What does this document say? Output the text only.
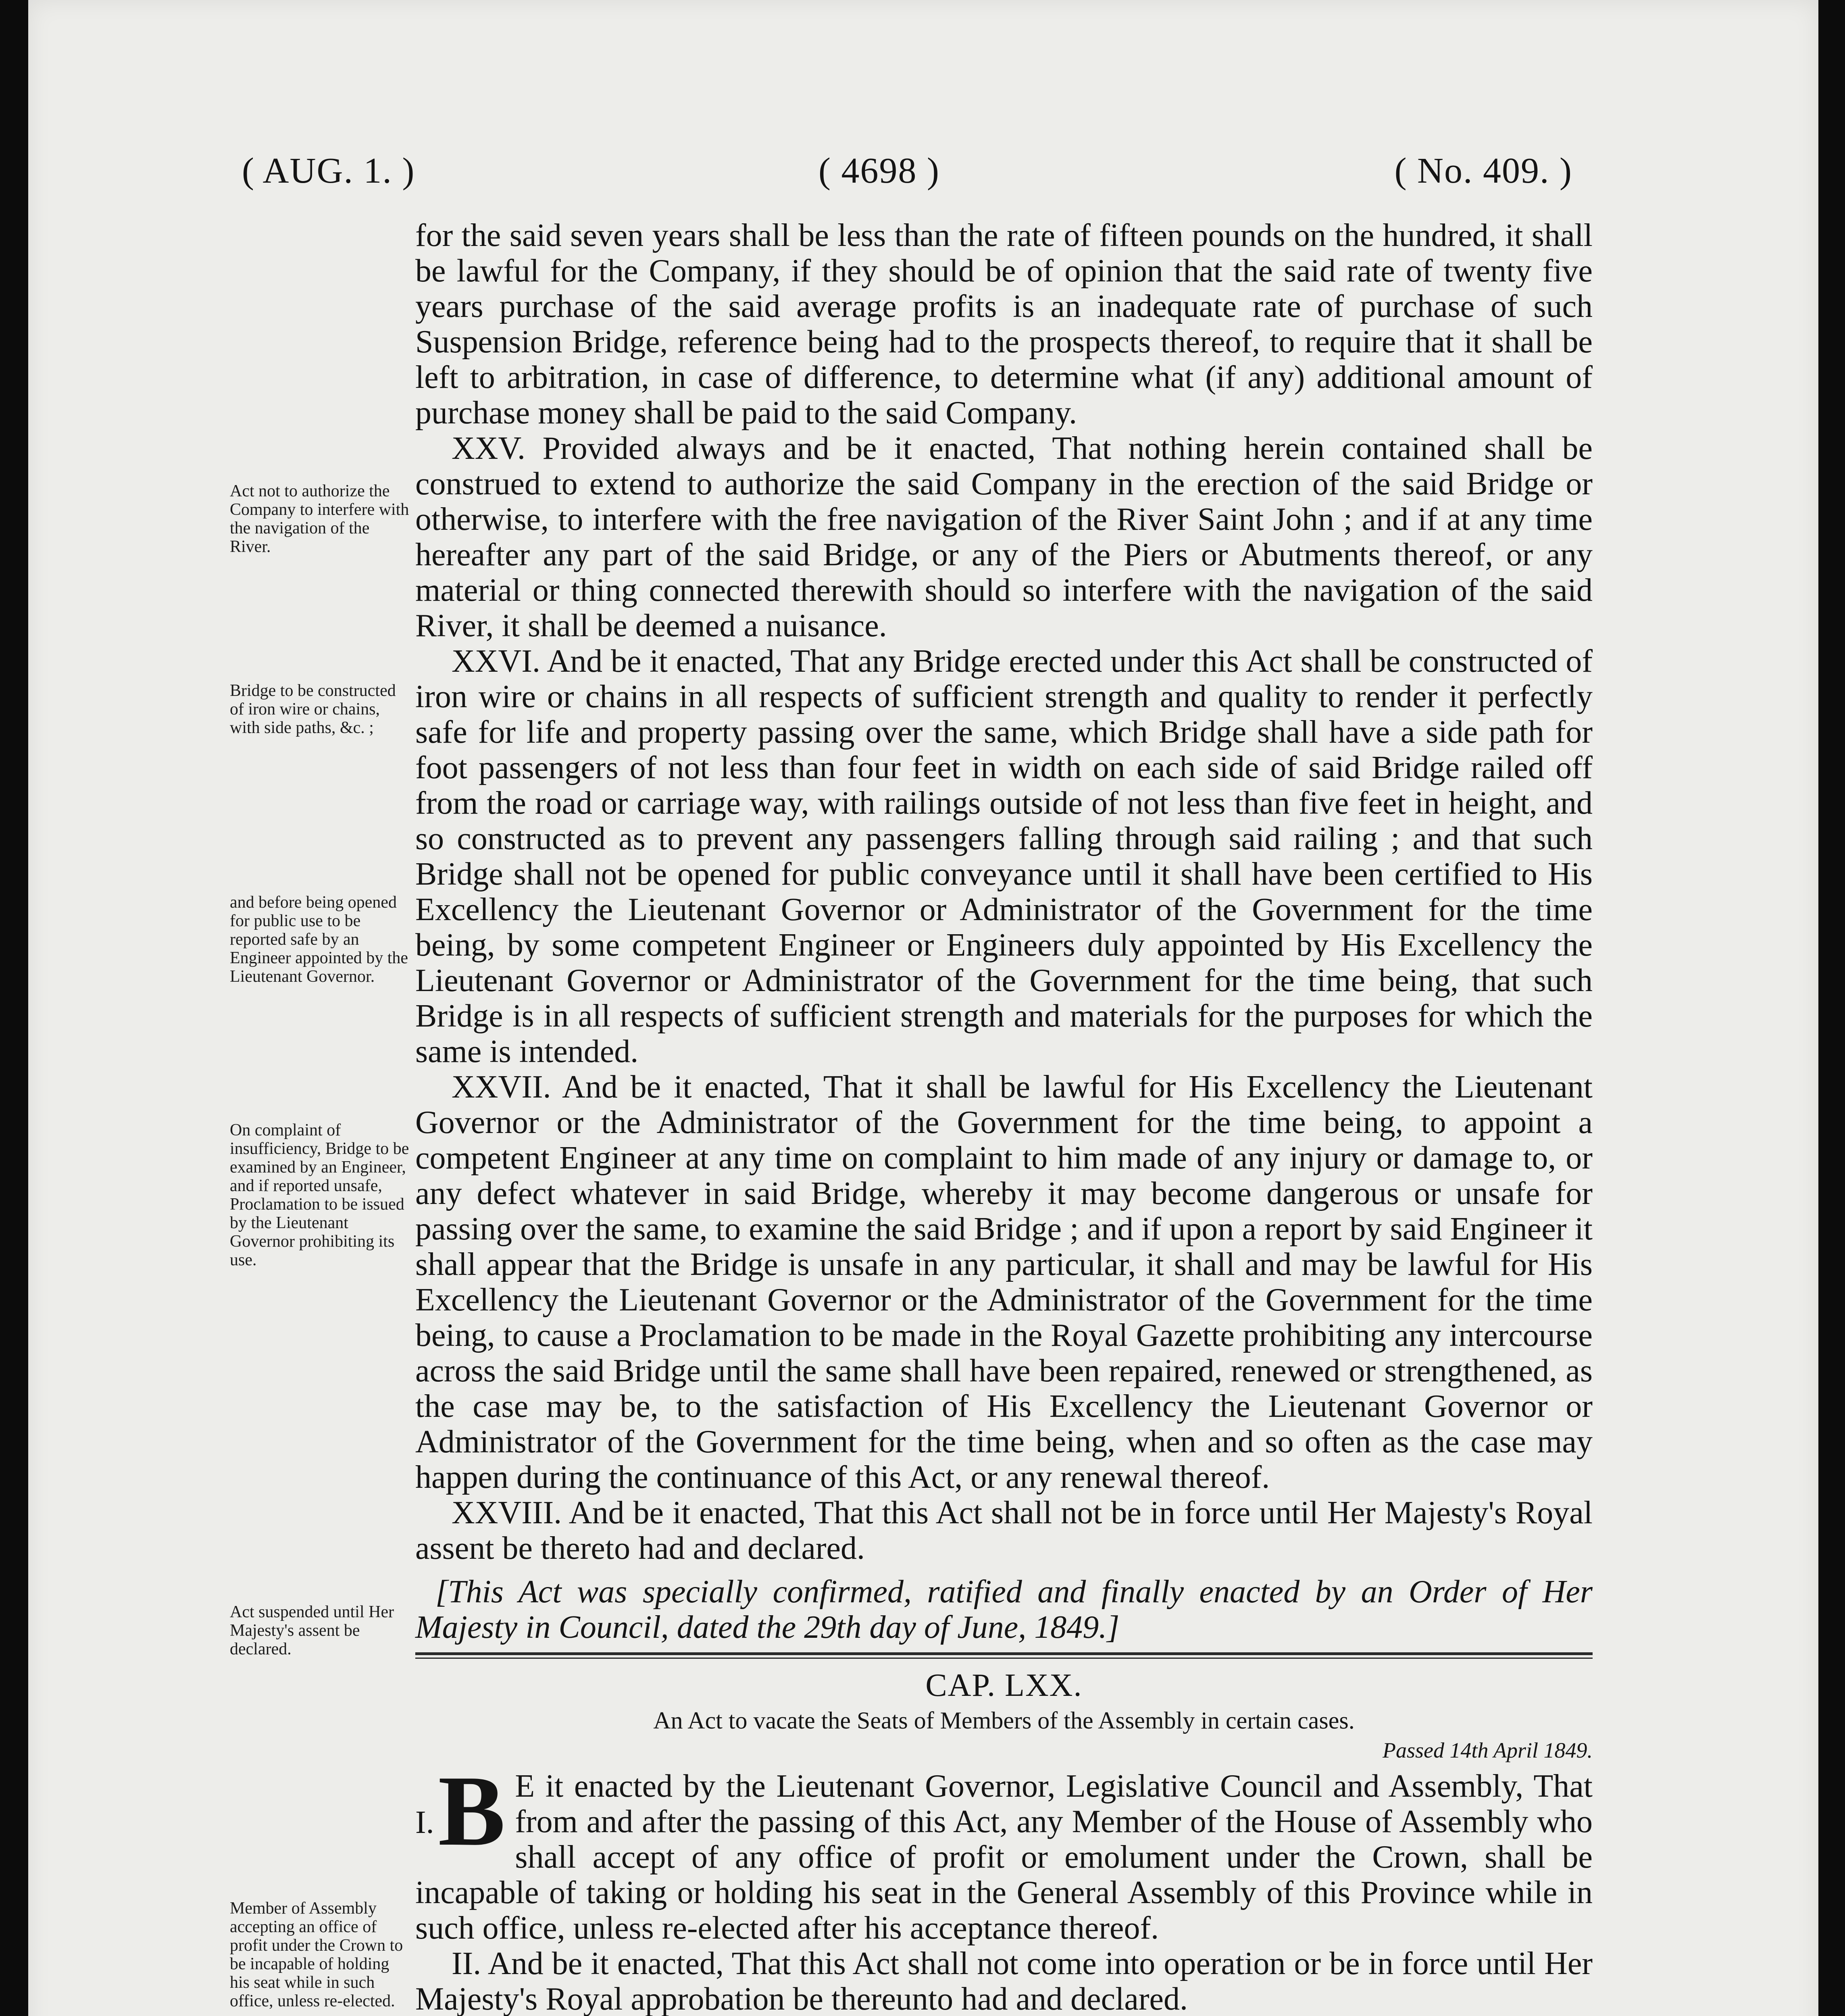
( AUG. 1. )	( 4698 )	( No. 409. )
Act not to authorize the Company to interfere with the navigation of the River.
Bridge to be constructed of iron wire or chains, with side paths, &c. ;
and before being opened for public use to be reported safe by an Engineer appointed by the Lieutenant Governor.
On complaint of insufficiency, Bridge to be examined by an Engineer, and if reported unsafe, Proclamation to be issued by the Lieutenant Governor prohibiting its use.
Act suspended until Her Majesty's assent be declared.
Member of Assembly accepting an office of profit under the Crown to be incapable of holding his seat while in such office, unless re-elected.

for the said seven years shall be less than the rate of fifteen pounds on the hundred, it shall be lawful for the Company, if they should be of opinion that the said rate of twenty five years purchase of the said average profits is an inadequate rate of purchase of such Suspension Bridge, reference being had to the prospects thereof, to require that it shall be left to arbitration, in case of difference, to determine what (if any) additional amount of purchase money shall be paid to the said Company.

XXV. Provided always and be it enacted, That nothing herein contained shall be construed to extend to authorize the said Company in the erection of the said Bridge or otherwise, to interfere with the free navigation of the River Saint John ; and if at any time hereafter any part of the said Bridge, or any of the Piers or Abutments thereof, or any material or thing connected therewith should so interfere with the navigation of the said River, it shall be deemed a nuisance.

XXVI. And be it enacted, That any Bridge erected under this Act shall be constructed of iron wire or chains in all respects of sufficient strength and quality to render it perfectly safe for life and property passing over the same, which Bridge shall have a side path for foot passengers of not less than four feet in width on each side of said Bridge railed off from the road or carriage way, with railings outside of not less than five feet in height, and so constructed as to prevent any passengers falling through said railing ; and that such Bridge shall not be opened for public conveyance until it shall have been certified to His Excellency the Lieutenant Governor or Administrator of the Government for the time being, by some competent Engineer or Engineers duly appointed by His Excellency the Lieutenant Governor or Administrator of the Government for the time being, that such Bridge is in all respects of sufficient strength and materials for the purposes for which the same is intended.

XXVII. And be it enacted, That it shall be lawful for His Excellency the Lieutenant Governor or the Administrator of the Government for the time being, to appoint a competent Engineer at any time on complaint to him made of any injury or damage to, or any defect whatever in said Bridge, whereby it may become dangerous or unsafe for passing over the same, to examine the said Bridge ; and if upon a report by said Engineer it shall appear that the Bridge is unsafe in any particular, it shall and may be lawful for His Excellency the Lieutenant Governor or the Administrator of the Government for the time being, to cause a Proclamation to be made in the Royal Gazette prohibiting any intercourse across the said Bridge until the same shall have been repaired, renewed or strengthened, as the case may be, to the satisfaction of His Excellency the Lieutenant Governor or Administrator of the Government for the time being, when and so often as the case may happen during the continuance of this Act, or any renewal thereof.

XXVIII. And be it enacted, That this Act shall not be in force until Her Majesty's Royal assent be thereto had and declared.

[This Act was specially confirmed, ratified and finally enacted by an Order of Her Majesty in Council, dated the 29th day of June, 1849.]

CAP. LXX.

An Act to vacate the Seats of Members of the Assembly in certain cases.

Passed 14th April 1849.

I. B E it enacted by the Lieutenant Governor, Legislative Council and Assembly, That from and after the passing of this Act, any Member of the House of Assembly who shall accept of any office of profit or emolument under the Crown, shall be incapable of taking or holding his seat in the General Assembly of this Province while in such office, unless re-elected after his acceptance thereof.

II. And be it enacted, That this Act shall not come into operation or be in force until Her Majesty's Royal approbation be thereunto had and declared.
